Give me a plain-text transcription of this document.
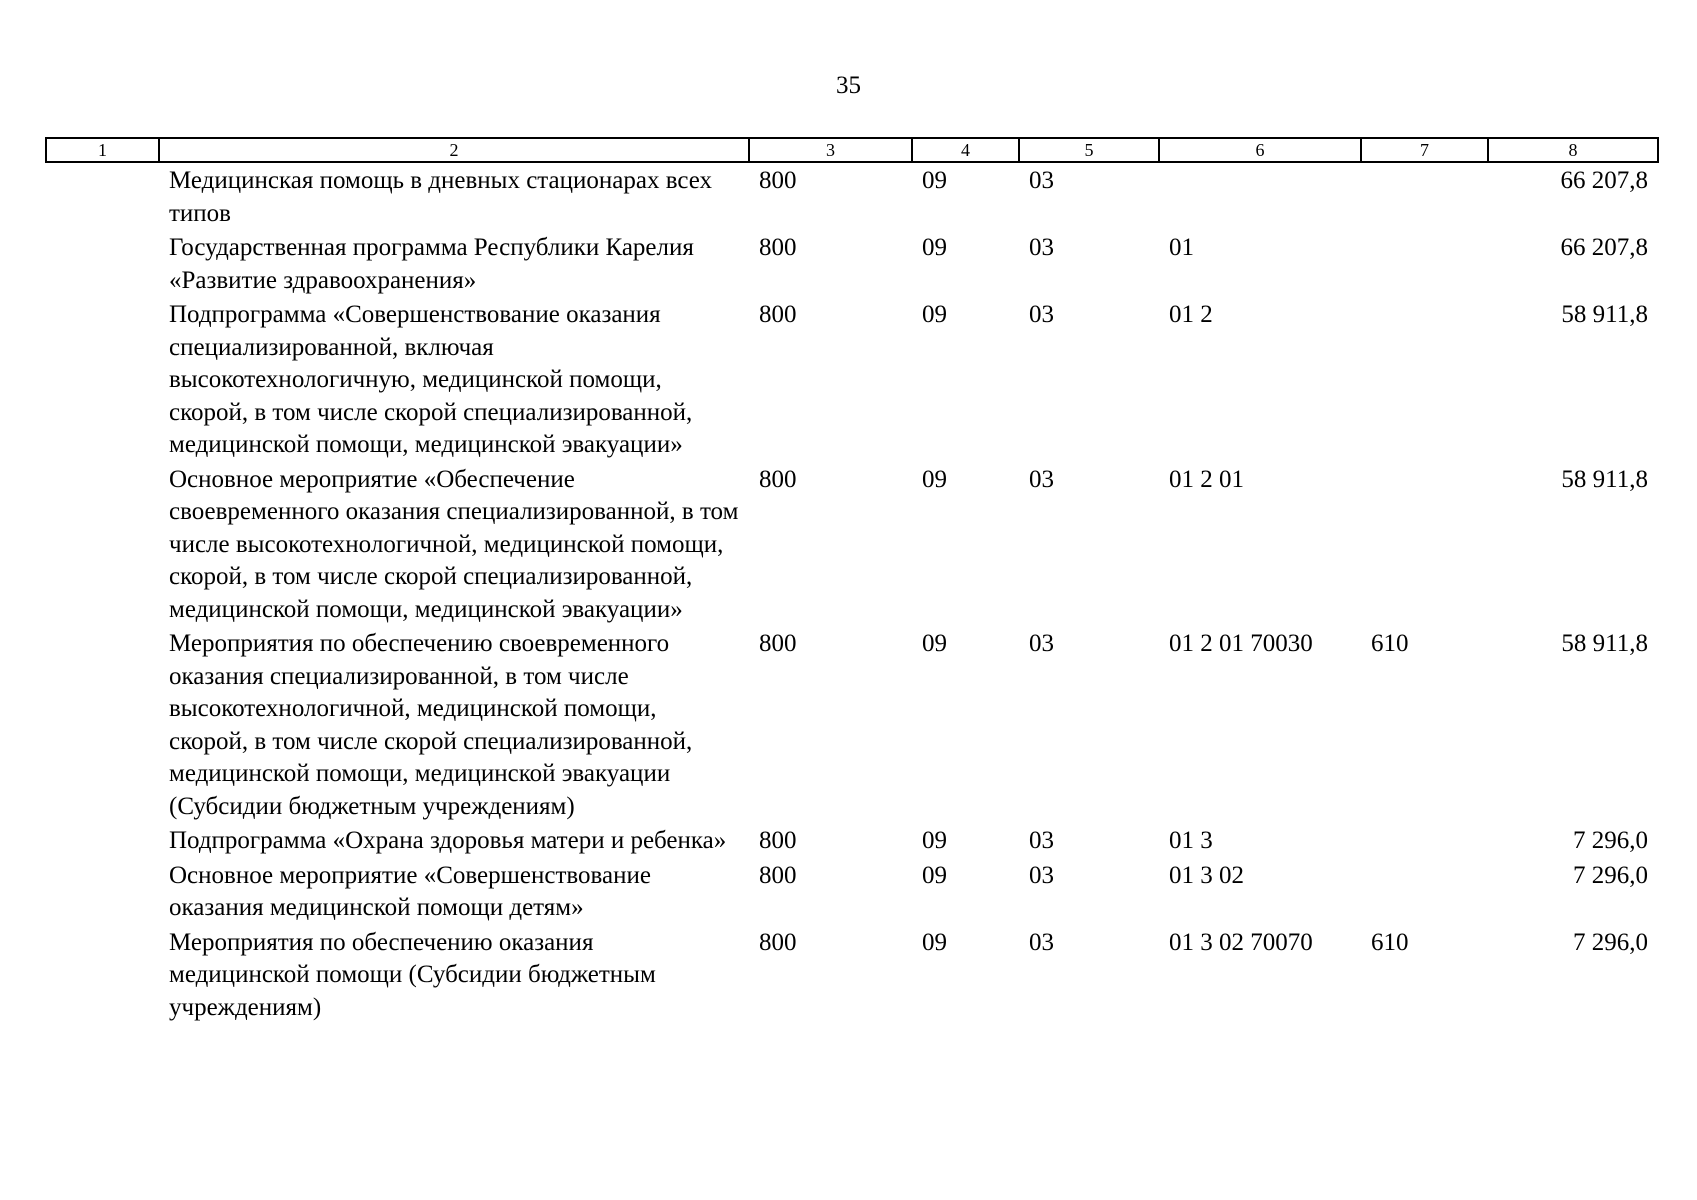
35
1	2	3	4	5	6	7	8
	Медицинская помощь в дневных стационарах всех типов	800	09	03			66 207,8
	Государственная программа Республики Карелия «Развитие здравоохранения»	800	09	03	01		66 207,8
	Подпрограмма «Совершенствование оказания специализированной, включая высокотехнологичную, медицинской помощи, скорой, в том числе скорой специализированной, медицинской помощи, медицинской эвакуации»	800	09	03	01 2		58 911,8
	Основное мероприятие «Обеспечение своевременного оказания специализированной, в том числе высокотехнологичной, медицинской помощи, скорой, в том числе скорой специализированной, медицинской помощи, медицинской эвакуации»	800	09	03	01 2 01		58 911,8
	Мероприятия по обеспечению своевременного оказания специализированной, в том числе высокотехнологичной, медицинской помощи, скорой, в том числе скорой специализированной, медицинской помощи, медицинской эвакуации (Субсидии бюджетным учреждениям)	800	09	03	01 2 01 70030	610	58 911,8
	Подпрограмма «Охрана здоровья матери и ребенка»	800	09	03	01 3		7 296,0
	Основное мероприятие «Совершенствование оказания медицинской помощи детям»	800	09	03	01 3 02		7 296,0
	Мероприятия по обеспечению оказания медицинской помощи (Субсидии бюджетным учреждениям)	800	09	03	01 3 02 70070	610	7 296,0
